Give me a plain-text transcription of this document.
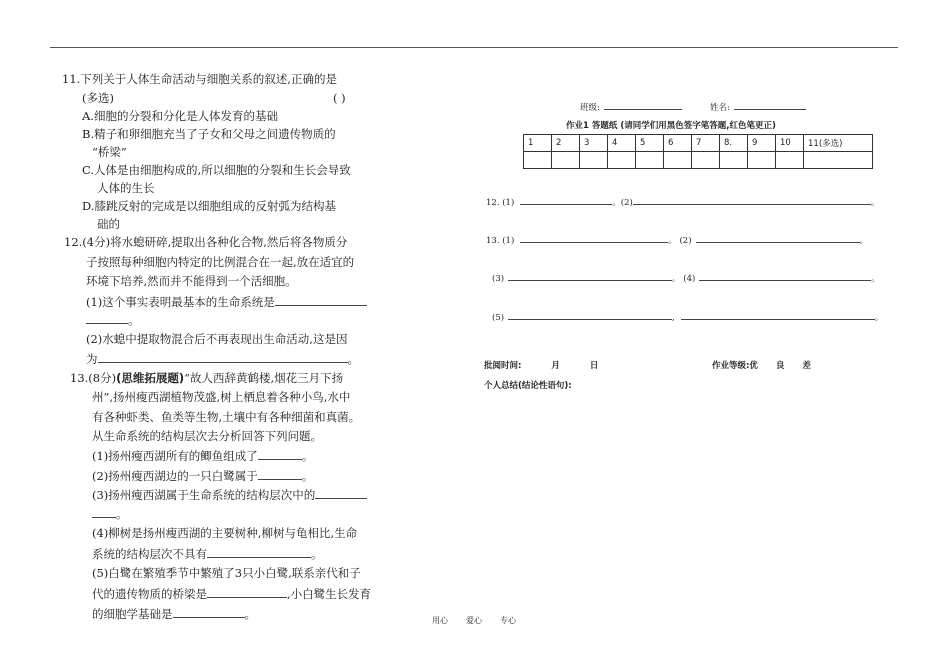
11.下列关于人体生命活动与细胞关系的叙述,正确的是
(多选)	( )
A.细胞的分裂和分化是人体发育的基础
B.精子和卵细胞充当了子女和父母之间遗传物质的
“桥梁”
C.人体是由细胞构成的,所以细胞的分裂和生长会导致
人体的生长
D.膝跳反射的完成是以细胞组成的反射弧为结构基
础的
12.(4分)将水螅研碎,提取出各种化合物,然后将各物质分
子按照每种细胞内特定的比例混合在一起,放在适宜的
环境下培养,然而并不能得到一个活细胞。
(1)这个事实表明最基本的生命系统是
。
(2)水螅中提取物混合后不再表现出生命活动,这是因
为	。
13.(8分)(思维拓展题)“故人西辞黄鹤楼,烟花三月下扬
州”,扬州瘦西湖植物茂盛,树上栖息着各种小鸟,水中
有各种虾类、鱼类等生物,土壤中有各种细菌和真菌。
从生命系统的结构层次去分析回答下列问题。
(1)扬州瘦西湖所有的鲫鱼组成了	。
(2)扬州瘦西湖边的一只白鹭属于	。
(3)扬州瘦西湖属于生命系统的结构层次中的
。
(4)柳树是扬州瘦西湖的主要树种,柳树与龟相比,生命
系统的结构层次不具有	。
(5)白鹭在繁殖季节中繁殖了3只小白鹭,联系亲代和子
代的遗传物质的桥梁是	,小白鹭生长发育
的细胞学基础是	。
班级:	姓名:
作业1 答题纸 (请同学们用黑色签字笔答题,红色笔更正)
1	2	3	4	5	6	7	8.	9	10	11(多选)

12. (1)	。(2)	。
13. (1)	。 (2)	。
(3)	。 (4)	。
(5)	,	。
批阅时间:	月	日	作业等级:优 良 差
个人总结(结论性语句):
用心 爱心 专心
